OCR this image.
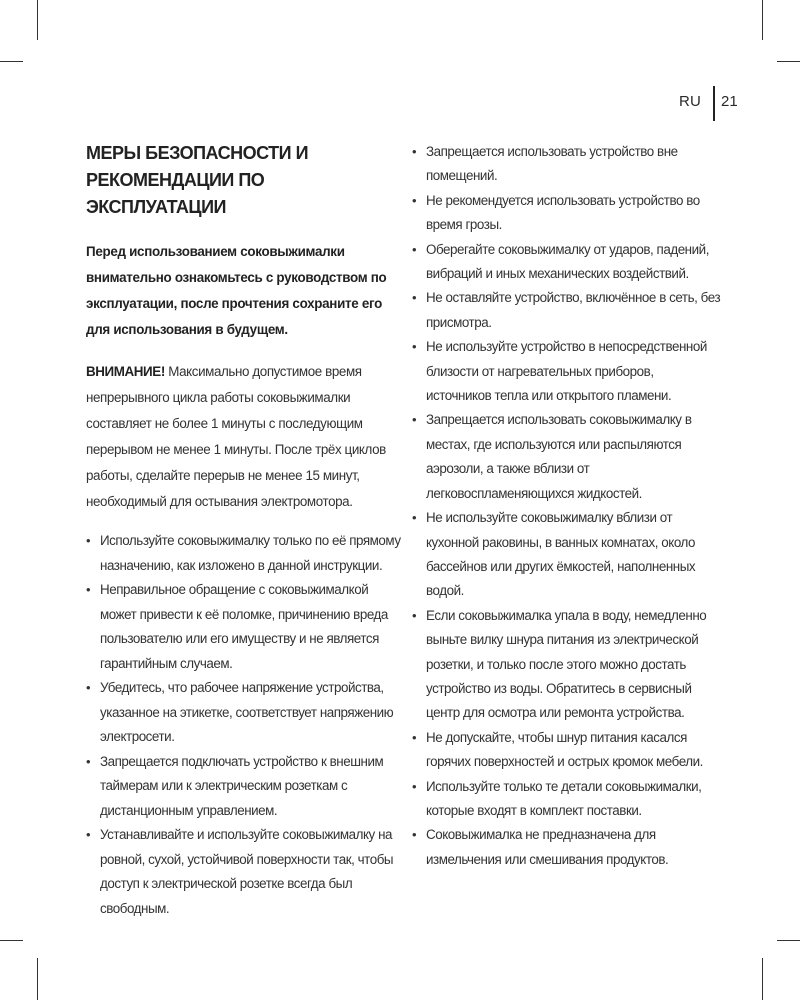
RU 21
МЕРЫ БЕЗОПАСНОСТИ И РЕКОМЕНДАЦИИ ПО ЭКСПЛУАТАЦИИ

Перед использованием соковыжималки внимательно ознакомьтесь с руководством по эксплуатации, после прочтения сохраните его для использования в будущем.

ВНИМАНИЕ! Максимально допустимое время непрерывного цикла работы соковыжималки составляет не более 1 минуты с последующим перерывом не менее 1 минуты. После трёх циклов работы, сделайте перерыв не менее 15 минут, необходимый для остывания электромотора.

• Используйте соковыжималку только по её прямому назначению, как изложено в данной инструкции.
• Неправильное обращение с соковыжималкой может привести к её поломке, причинению вреда пользователю или его имуществу и не является гарантийным случаем.
• Убедитесь, что рабочее напряжение устройства, указанное на этикетке, соответствует напряжению электросети.
• Запрещается подключать устройство к внешним таймерам или к электрическим розеткам с дистанционным управлением.
• Устанавливайте и используйте соковыжималку на ровной, сухой, устойчивой поверхности так, чтобы доступ к электрической розетке всегда был свободным.
• Запрещается использовать устройство вне помещений.
• Не рекомендуется использовать устройство во время грозы.
• Оберегайте соковыжималку от ударов, падений, вибраций и иных механических воздействий.
• Не оставляйте устройство, включённое в сеть, без присмотра.
• Не используйте устройство в непосредственной близости от нагревательных приборов, источников тепла или открытого пламени.
• Запрещается использовать соковыжималку в местах, где используются или распыляются аэрозоли, а также вблизи от легковоспламеняющихся жидкостей.
• Не используйте соковыжималку вблизи от кухонной раковины, в ванных комнатах, около бассейнов или других ёмкостей, наполненных водой.
• Если соковыжималка упала в воду, немедленно выньте вилку шнура питания из электрической розетки, и только после этого можно достать устройство из воды. Обратитесь в сервисный центр для осмотра или ремонта устройства.
• Не допускайте, чтобы шнур питания касался горячих поверхностей и острых кромок мебели.
• Используйте только те детали соковыжималки, которые входят в комплект поставки.
• Соковыжималка не предназначена для измельчения или смешивания продуктов.
